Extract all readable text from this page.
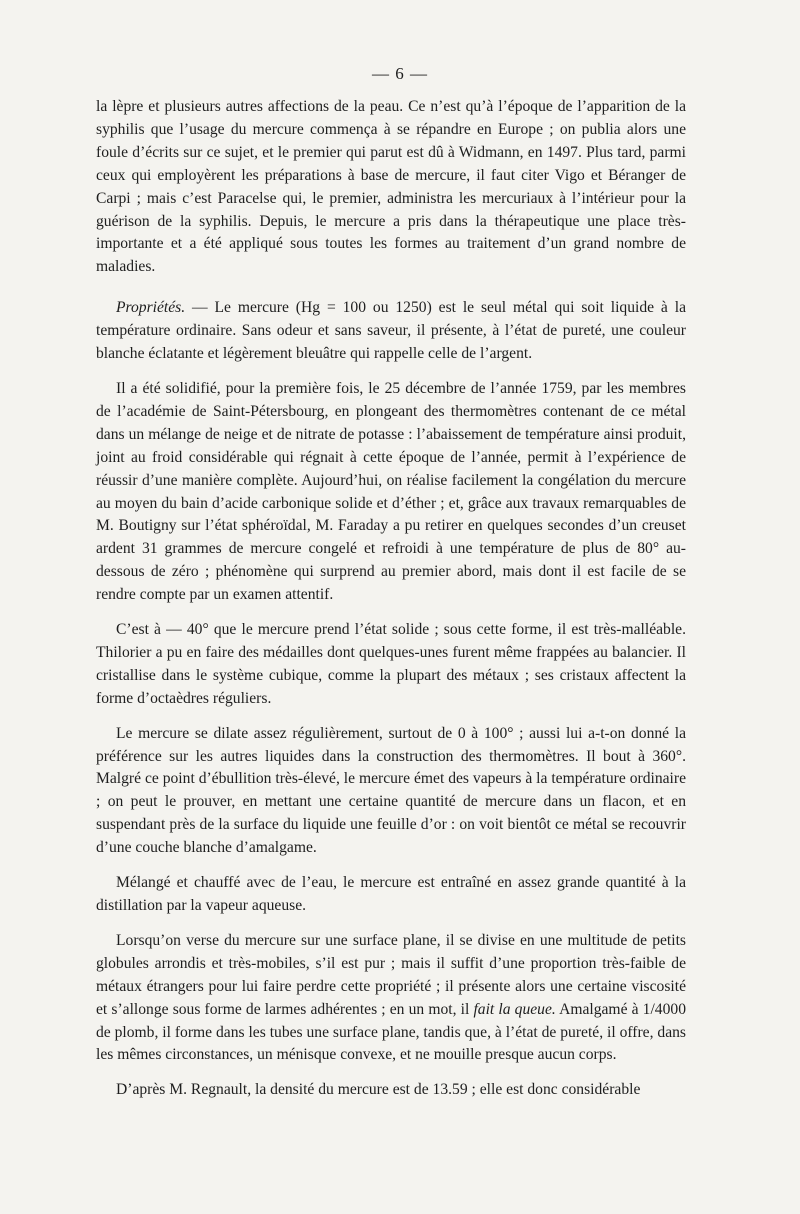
— 6 —

la lèpre et plusieurs autres affections de la peau. Ce n’est qu’à l’époque de l’apparition de la syphilis que l’usage du mercure commença à se répandre en Europe ; on publia alors une foule d’écrits sur ce sujet, et le premier qui parut est dû à Widmann, en 1497. Plus tard, parmi ceux qui employèrent les préparations à base de mercure, il faut citer Vigo et Béranger de Carpi ; mais c’est Paracelse qui, le premier, administra les mercuriaux à l’intérieur pour la guérison de la syphilis. Depuis, le mercure a pris dans la thérapeutique une place très-importante et a été appliqué sous toutes les formes au traitement d’un grand nombre de maladies.

Propriétés. — Le mercure (Hg = 100 ou 1250) est le seul métal qui soit liquide à la température ordinaire. Sans odeur et sans saveur, il présente, à l’état de pureté, une couleur blanche éclatante et légèrement bleuâtre qui rappelle celle de l’argent.

Il a été solidifié, pour la première fois, le 25 décembre de l’année 1759, par les membres de l’académie de Saint-Pétersbourg, en plongeant des thermomètres contenant de ce métal dans un mélange de neige et de nitrate de potasse : l’abaissement de température ainsi produit, joint au froid considérable qui régnait à cette époque de l’année, permit à l’expérience de réussir d’une manière complète. Aujourd’hui, on réalise facilement la congélation du mercure au moyen du bain d’acide carbonique solide et d’éther ; et, grâce aux travaux remarquables de M. Boutigny sur l’état sphéroïdal, M. Faraday a pu retirer en quelques secondes d’un creuset ardent 31 grammes de mercure congelé et refroidi à une température de plus de 80° au-dessous de zéro ; phénomène qui surprend au premier abord, mais dont il est facile de se rendre compte par un examen attentif.

C’est à — 40° que le mercure prend l’état solide ; sous cette forme, il est très-malléable. Thilorier a pu en faire des médailles dont quelques-unes furent même frappées au balancier. Il cristallise dans le système cubique, comme la plupart des métaux ; ses cristaux affectent la forme d’octaèdres réguliers.

Le mercure se dilate assez régulièrement, surtout de 0 à 100° ; aussi lui a-t-on donné la préférence sur les autres liquides dans la construction des thermomètres. Il bout à 360°. Malgré ce point d’ébullition très-élevé, le mercure émet des vapeurs à la température ordinaire ; on peut le prouver, en mettant une certaine quantité de mercure dans un flacon, et en suspendant près de la surface du liquide une feuille d’or : on voit bientôt ce métal se recouvrir d’une couche blanche d’amalgame.

Mélangé et chauffé avec de l’eau, le mercure est entraîné en assez grande quantité à la distillation par la vapeur aqueuse.

Lorsqu’on verse du mercure sur une surface plane, il se divise en une multitude de petits globules arrondis et très-mobiles, s’il est pur ; mais il suffit d’une proportion très-faible de métaux étrangers pour lui faire perdre cette propriété ; il présente alors une certaine viscosité et s’allonge sous forme de larmes adhérentes ; en un mot, il fait la queue. Amalgamé à 1/4000 de plomb, il forme dans les tubes une surface plane, tandis que, à l’état de pureté, il offre, dans les mêmes circonstances, un ménisque convexe, et ne mouille presque aucun corps.

D’après M. Regnault, la densité du mercure est de 13.59 ; elle est donc considérable
